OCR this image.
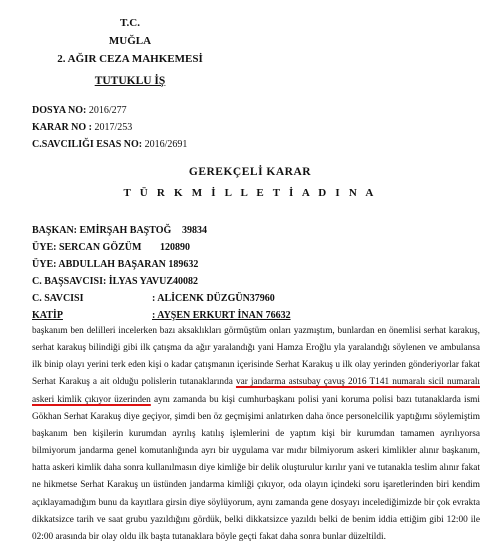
T.C.
MUĞLA
2. AĞIR CEZA MAHKEMESİ
TUTUKLU İŞ
DOSYA NO: 2016/277
KARAR NO : 2017/253
C.SAVCILIĞI ESAS NO: 2016/2691
GEREKÇELİ KARAR
T Ü R K M İ L L E T İ A D I N A
BAŞKAN: EMİRŞAH BAŞTOĞ 39834
ÜYE: SERCAN GÖZÜM 120890
ÜYE: ABDULLAH BAŞARAN 189632
C. BAŞSAVCISI: İLYAS YAVUZ40082
C. SAVCISI	: ALİCENK DÜZGÜN37960
KATİP	: AYŞEN ERKURT İNAN 76632

başkanım ben delilleri incelerken bazı aksaklıkları görmüştüm onları yazmıştım, bunlardan en önemlisi serhat karakuş, serhat karakuş bilindiği gibi ilk çatışma da ağır yaralandığı yani Hamza Eroğlu yla yaralandığı söylenen ve ambulansa ilk binip olayı yerini terk eden kişi o kadar çatışmanın içerisinde Serhat Karakuş u ilk olay yerinden gönderiyorlar fakat Serhat Karakuş a ait olduğu polislerin tutanaklarında var jandarma astsubay çavuş 2016 T141 numaralı sicil numaralı askeri kimlik çıkıyor üzerinden aynı zamanda bu kişi cumhurbaşkanı polisi yani koruma polisi bazı tutanaklarda ismi Gökhan Serhat Karakuş diye geçiyor, şimdi ben öz geçmişimi anlatırken daha önce personelcilik yaptığımı söylemiştim başkanım ben kişilerin kurumdan ayrılış katılış işlemlerini de yaptım kişi bir kurumdan tamamen ayrılıyorsa bilmiyorum jandarma genel komutanlığında ayrı bir uygulama var mıdır bilmiyorum askeri kimlikler alınır başkanım, hatta askeri kimlik daha sonra kullanılmasın diye kimliğe bir delik oluşturulur kırılır yani ve tutanakla teslim alınır fakat ne hikmetse Serhat Karakuş un üstünden jandarma kimliği çıkıyor, oda olayın içindeki soru işaretlerinden biri kendim açıklayamadığım bunu da kayıtlara girsin diye söylüyorum, aynı zamanda gene dosyayı incelediğimizde bir çok evrakta dikkatsizce tarih ve saat grubu yazıldığını gördük, belki dikkatsizce yazıldı belki de benim iddia ettiğim gibi 12:00 ile 02:00 arasında bir olay oldu ilk başta tutanaklara böyle geçti fakat daha sonra bunlar düzeltildi.
